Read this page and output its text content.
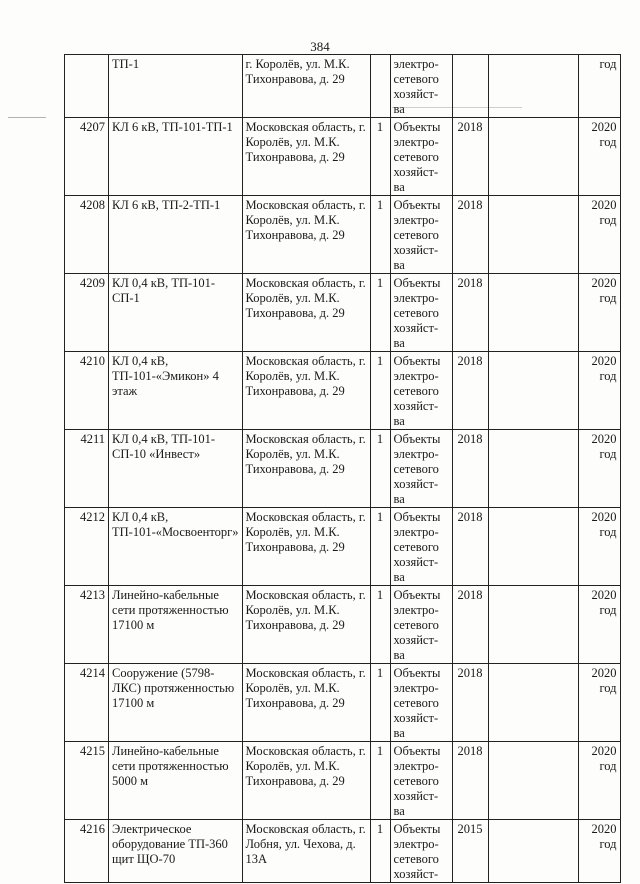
384
	ТП-1	г. Королёв, ул. М.К. Тихонравова, д. 29		электро-сетевого хозяйст-ва			год
4207	КЛ 6 кВ, ТП-101-ТП-1	Московская область, г. Королёв, ул. М.К. Тихонравова, д. 29	1	Объекты электро-сетевого хозяйст-ва	2018		2020 год
4208	КЛ 6 кВ, ТП-2-ТП-1	Московская область, г. Королёв, ул. М.К. Тихонравова, д. 29	1	Объекты электро-сетевого хозяйст-ва	2018		2020 год
4209	КЛ 0,4 кВ, ТП-101-СП-1	Московская область, г. Королёв, ул. М.К. Тихонравова, д. 29	1	Объекты электро-сетевого хозяйст-ва	2018		2020 год
4210	КЛ 0,4 кВ, ТП-101-«Эмикон» 4 этаж	Московская область, г. Королёв, ул. М.К. Тихонравова, д. 29	1	Объекты электро-сетевого хозяйст-ва	2018		2020 год
4211	КЛ 0,4 кВ, ТП-101-СП-10 «Инвест»	Московская область, г. Королёв, ул. М.К. Тихонравова, д. 29	1	Объекты электро-сетевого хозяйст-ва	2018		2020 год
4212	КЛ 0,4 кВ, ТП-101-«Мосвоенторг»	Московская область, г. Королёв, ул. М.К. Тихонравова, д. 29	1	Объекты электро-сетевого хозяйст-ва	2018		2020 год
4213	Линейно-кабельные сети протяженностью 17100 м	Московская область, г. Королёв, ул. М.К. Тихонравова, д. 29	1	Объекты электро-сетевого хозяйст-ва	2018		2020 год
4214	Сооружение (5798-ЛКС) протяженностью 17100 м	Московская область, г. Королёв, ул. М.К. Тихонравова, д. 29	1	Объекты электро-сетевого хозяйст-ва	2018		2020 год
4215	Линейно-кабельные сети протяженностью 5000 м	Московская область, г. Королёв, ул. М.К. Тихонравова, д. 29	1	Объекты электро-сетевого хозяйст-ва	2018		2020 год
4216	Электрическое оборудование ТП-360 щит ЩО-70	Московская область, г. Лобня, ул. Чехова, д. 13А	1	Объекты электро-сетевого хозяйст-	2015		2020 год
